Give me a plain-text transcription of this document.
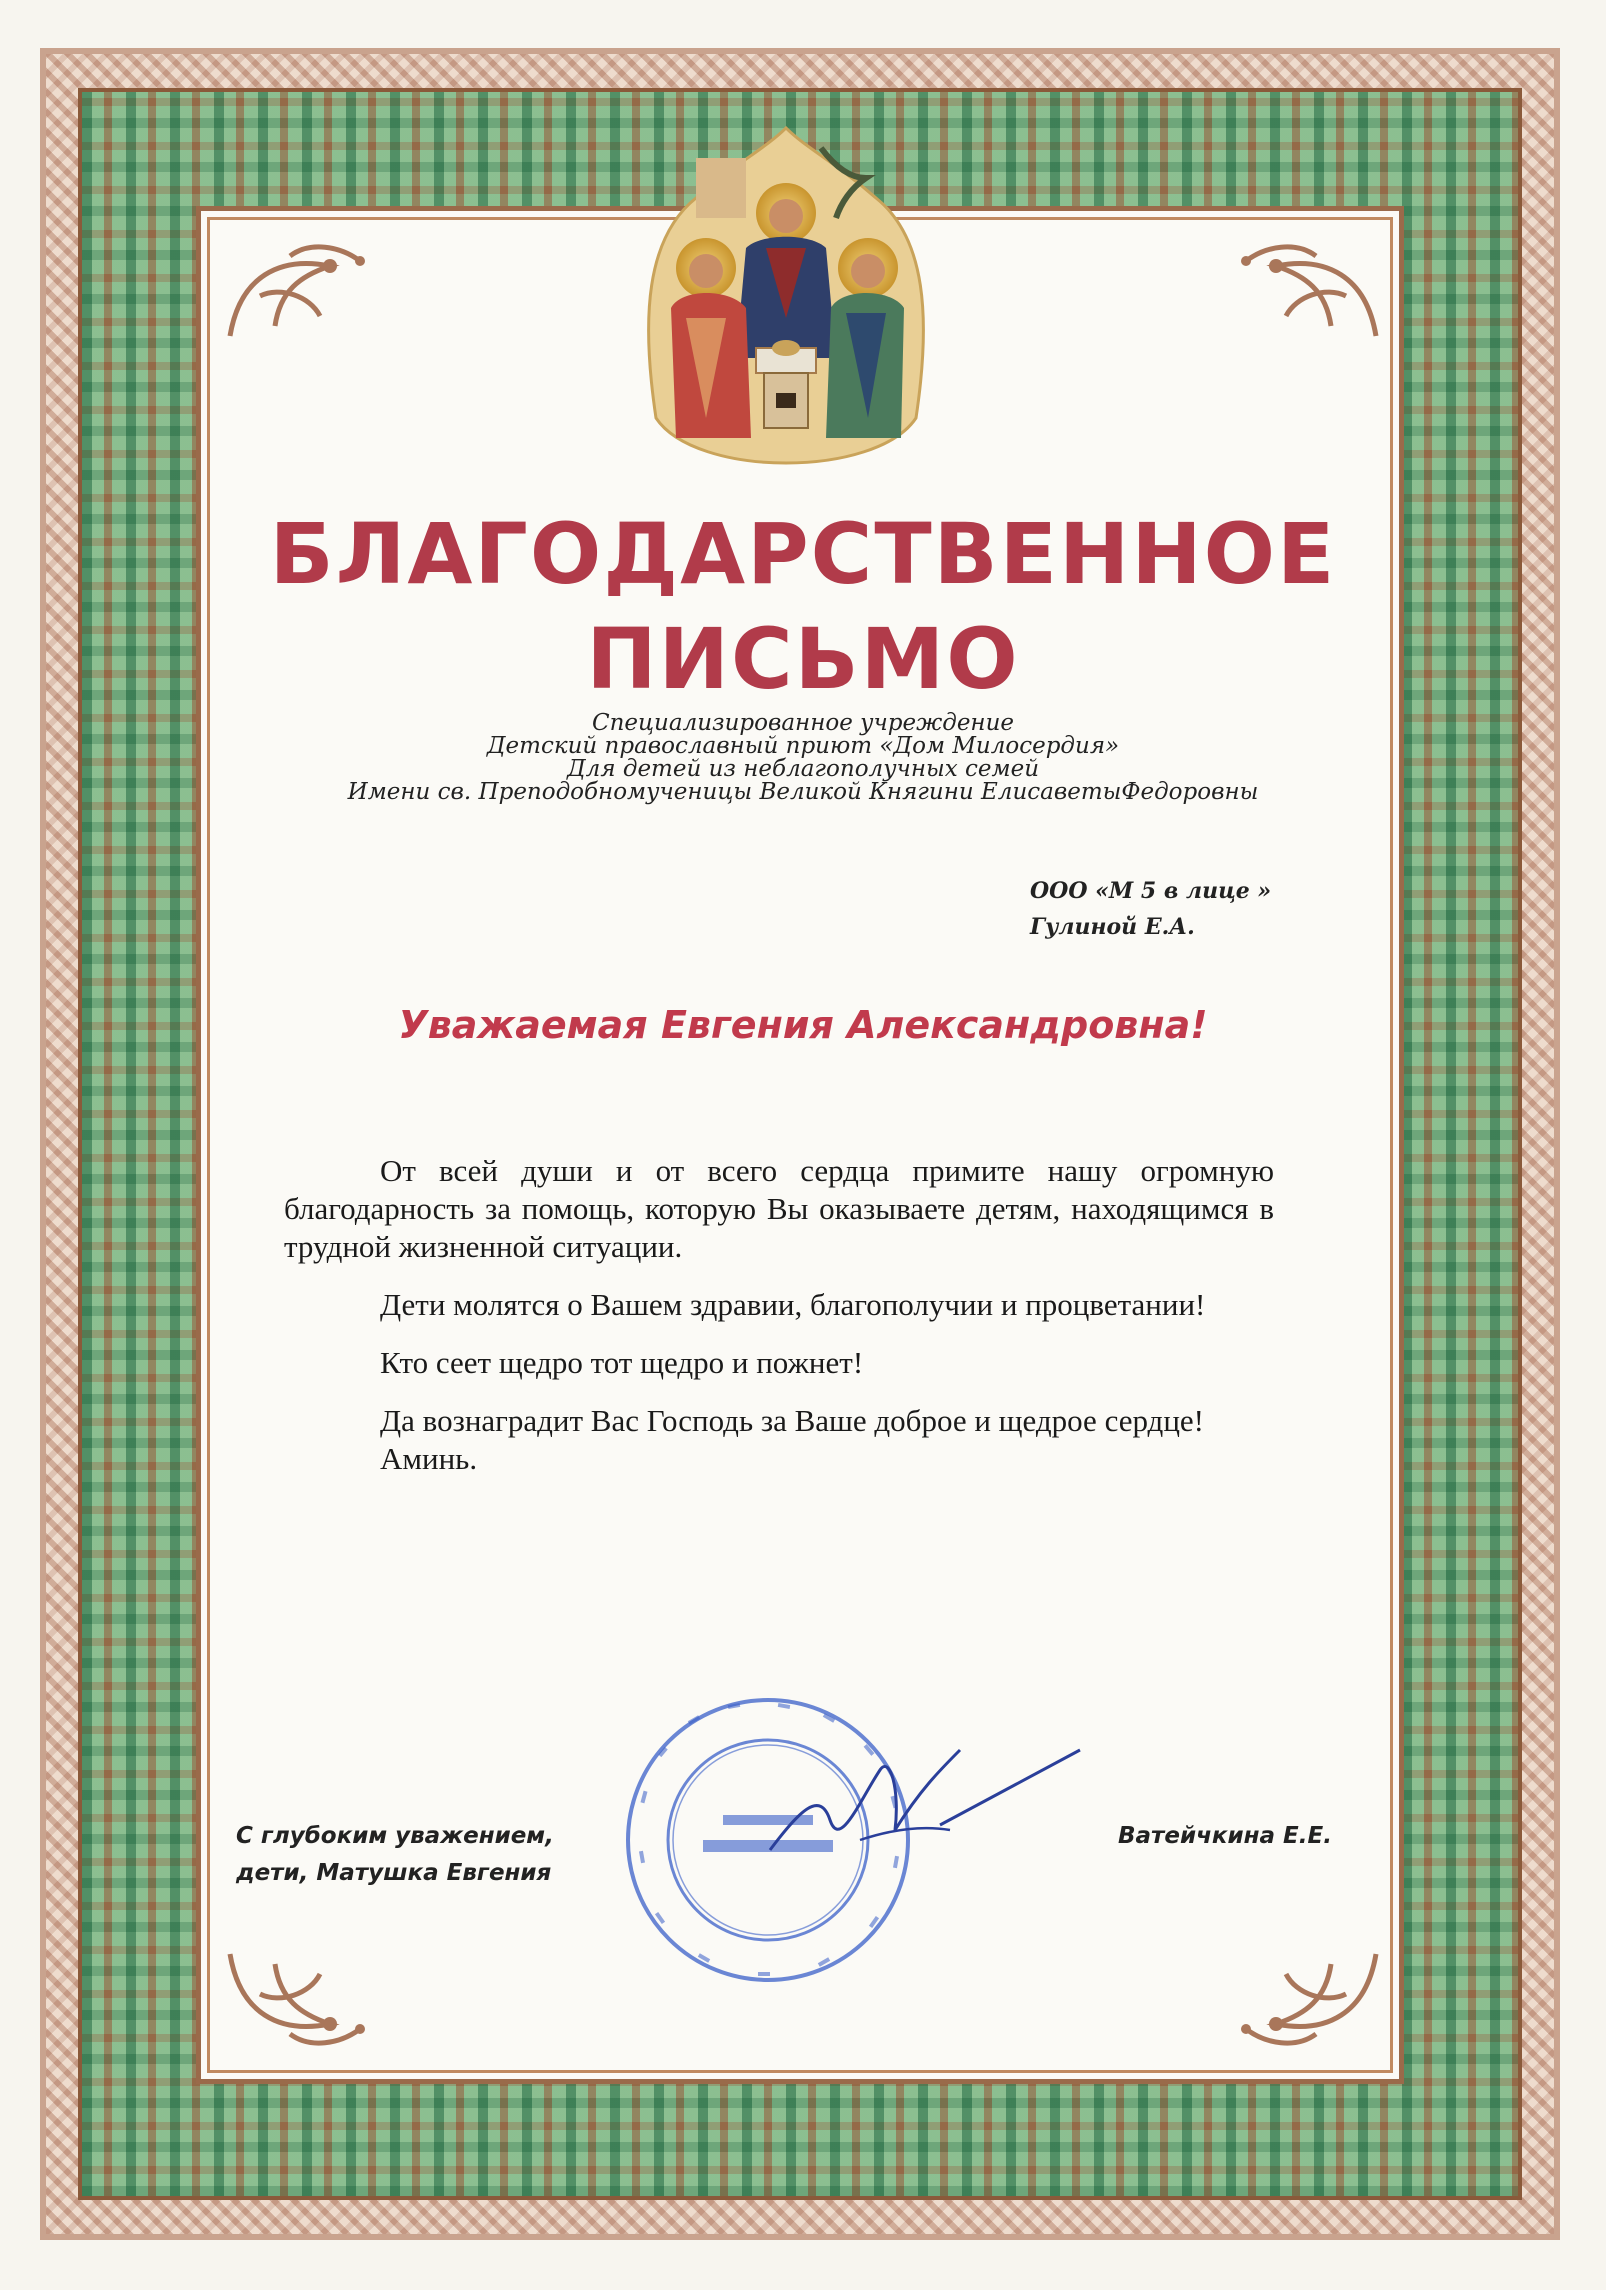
БЛАГОДАРСТВЕННОЕ
ПИСЬМО
Специализированное учреждение
Детский православный приют «Дом Милосердия»
Для детей из неблагополучных семей
Имени св. Преподобномученицы Великой Княгини ЕлисаветыФедоровны
ООО «М 5 в лице »
Гулиной Е.А.
Уважаемая Евгения Александровна!

От всей души и от всего сердца примите нашу огромную благодарность за помощь, которую Вы оказываете детям, находящимся в трудной жизненной ситуации.

Дети молятся о Вашем здравии, благополучии и процветании!

Кто сеет щедро тот щедро и пожнет!

Да вознаградит Вас Господь за Ваше доброе и щедрое сердце!

Аминь.

С глубоким уважением,
дети, Матушка Евгения
Ватейчкина Е.Е.
